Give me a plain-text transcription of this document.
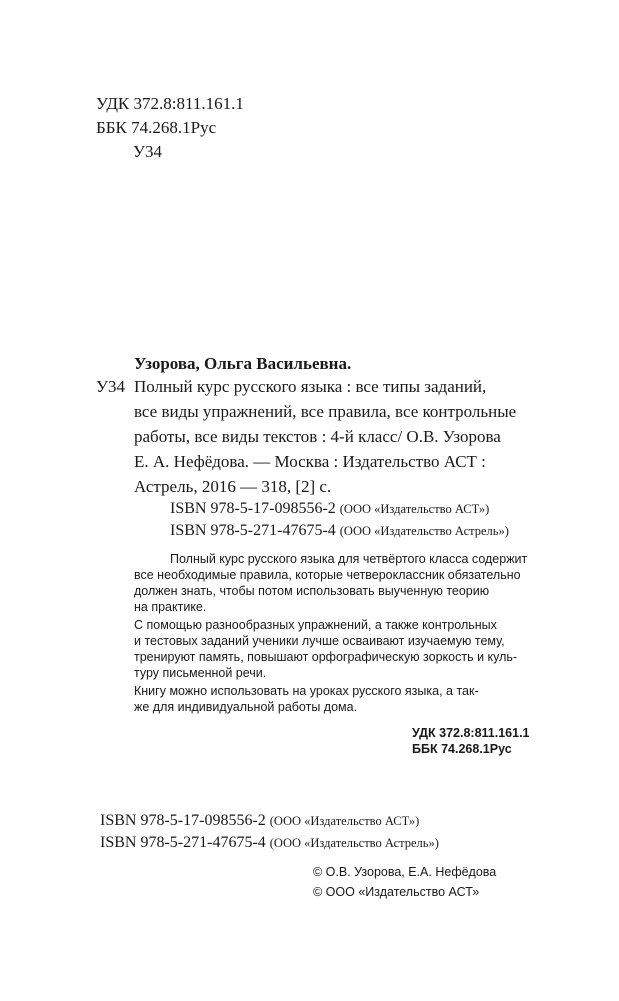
УДК 372.8:811.161.1
ББК 74.268.1Рус
У34
Узорова, Ольга Васильевна.
У34 Полный курс русского языка : все типы заданий,
все виды упражнений, все правила, все контрольные
работы, все виды текстов : 4-й класс/ О.В. Узорова
Е. А. Нефёдова. — Москва : Издательство АСТ :
Астрель, 2016 — 318, [2] с.
ISBN 978-5-17-098556-2 (ООО «Издательство АСТ»)
ISBN 978-5-271-47675-4 (ООО «Издательство Астрель»)
Полный курс русского языка для четвёртого класса содержит
все необходимые правила, которые четвероклассник обязательно
должен знать, чтобы потом использовать выученную теорию
на практике.
С помощью разнообразных упражнений, а также контрольных
и тестовых заданий ученики лучше осваивают изучаемую тему,
тренируют память, повышают орфографическую зоркость и куль-
туру письменной речи.
Книгу можно использовать на уроках русского языка, а так-
же для индивидуальной работы дома.
УДК 372.8:811.161.1
ББК 74.268.1Рус
ISBN 978-5-17-098556-2 (ООО «Издательство АСТ»)
ISBN 978-5-271-47675-4 (ООО «Издательство Астрель»)
© О.В. Узорова, Е.А. Нефёдова
© ООО «Издательство АСТ»
